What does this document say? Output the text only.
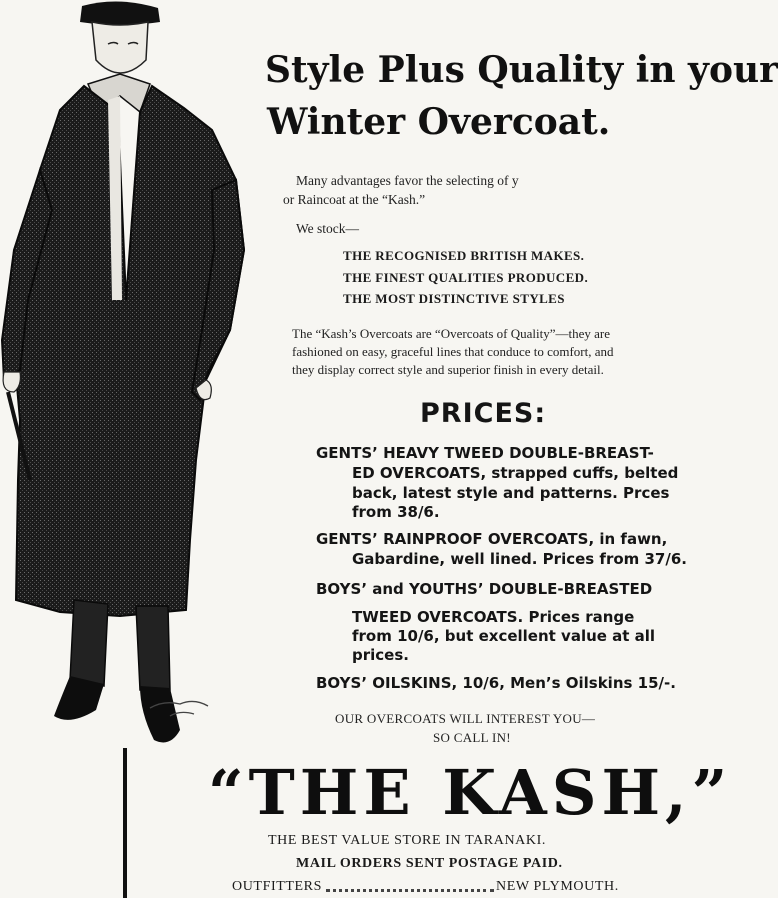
Style Plus Quality in your
Winter Overcoat.
Many advantages favor the selecting of y
or Raincoat at the “Kash.”
We stock—
THE RECOGNISED BRITISH MAKES.
THE FINEST QUALITIES PRODUCED.
THE MOST DISTINCTIVE STYLES
The “Kash’s Overcoats are “Overcoats of Quality”—they are
fashioned on easy, graceful lines that conduce to comfort, and
they display correct style and superior finish in every detail.
PRICES:
GENTS’ HEAVY TWEED DOUBLE-BREAST-
ED OVERCOATS, strapped cuffs, belted
back, latest style and patterns. Prces
from 38/6.
GENTS’ RAINPROOF OVERCOATS, in fawn,
Gabardine, well lined. Prices from 37/6.
BOYS’ and YOUTHS’ DOUBLE-BREASTED
TWEED OVERCOATS. Prices range
from 10/6, but excellent value at all
prices.
BOYS’ OILSKINS, 10/6, Men’s Oilskins 15/-.
OUR OVERCOATS WILL INTEREST YOU—
SO CALL IN!
“THE KASH,”
THE BEST VALUE STORE IN TARANAKI.
MAIL ORDERS SENT POSTAGE PAID.
OUTFITTERS	NEW PLYMOUTH.
